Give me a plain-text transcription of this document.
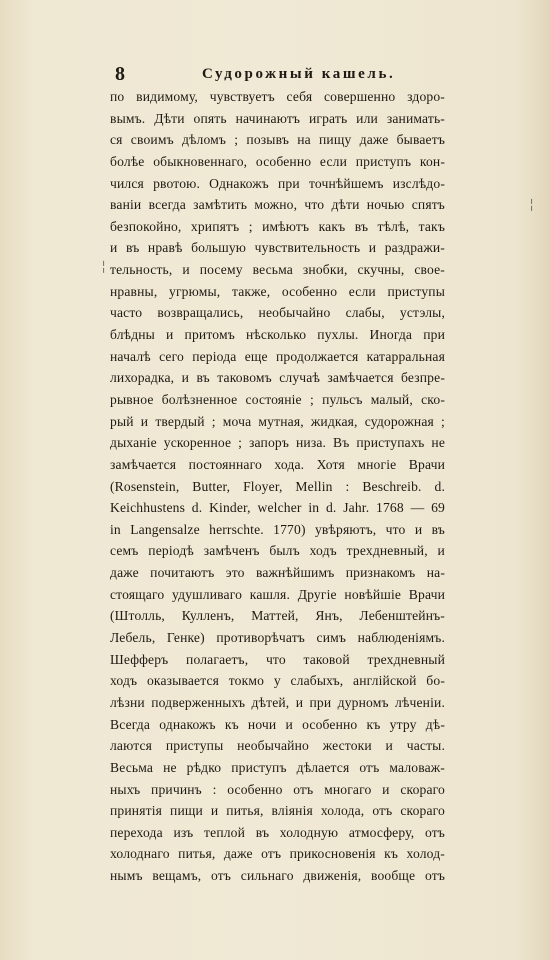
8	Судорожный кашель.
по видимому, чувствуетъ себя совершенно здоро-
вымъ. Дѣти опять начинаютъ играть или занимать-
ся своимъ дѣломъ ; позывъ на пищу даже бываетъ
болѣе обыкновеннаго, особенно если приступъ кон-
чился рвотою. Однакожъ при точнѣйшемъ изслѣдо-
ваніи всегда замѣтить можно, что дѣти ночью спятъ
безпокойно, хрипятъ ; имѣютъ какъ въ тѣлѣ, такъ
и въ нравѣ большую чувствительность и раздражи-
тельность, и посему весьма знобки, скучны, свое-
нравны, угрюмы, также, особенно если приступы
часто возвращались, необычайно слабы, устэлы,
блѣдны и притомъ нѣсколько пухлы. Иногда при
началѣ сего періода еще продолжается катарральная
лихорадка, и въ таковомъ случаѣ замѣчается безпре-
рывное болѣзненное состояніе ; пульсъ малый, ско-
рый и твердый ; моча мутная, жидкая, судорожная ;
дыханіе ускоренное ; запоръ низа. Въ приступахъ не
замѣчается постояннаго хода. Хотя многіе Врачи
(Rosenstein, Butter, Floyer, Mellin : Beschreib. d.
Keichhustens d. Kinder, welcher in d. Jahr. 1768 — 69
in Langensalze herrschte. 1770) увѣряютъ, что и въ
семъ періодѣ замѣченъ былъ ходъ трехдневный, и
даже почитаютъ это важнѣйшимъ признакомъ на-
стоящаго удушливаго кашля. Другіе новѣйшіе Врачи
(Штолль, Кулленъ, Маттей, Янъ, Лебенштейнъ-
Лебель, Генке) противорѣчатъ симъ наблюденіямъ.
Шефферъ полагаетъ, что таковой трехдневный
ходъ оказывается токмо у слабыхъ, англійской бо-
лѣзни подверженныхъ дѣтей, и при дурномъ лѣченіи.
Всегда однакожъ къ ночи и особенно къ утру дѣ-
лаются приступы необычайно жестоки и часты.
Весьма не рѣдко приступъ дѣлается отъ маловаж-
ныхъ причинъ : особенно отъ многаго и скораго
принятія пищи и питья, вліянія холода, отъ скораго
перехода изъ теплой въ холодную атмосферу, отъ
холоднаго питья, даже отъ прикосновенія къ холод-
нымъ вещамъ, отъ сильнаго движенія, вообще отъ
╎
╎
